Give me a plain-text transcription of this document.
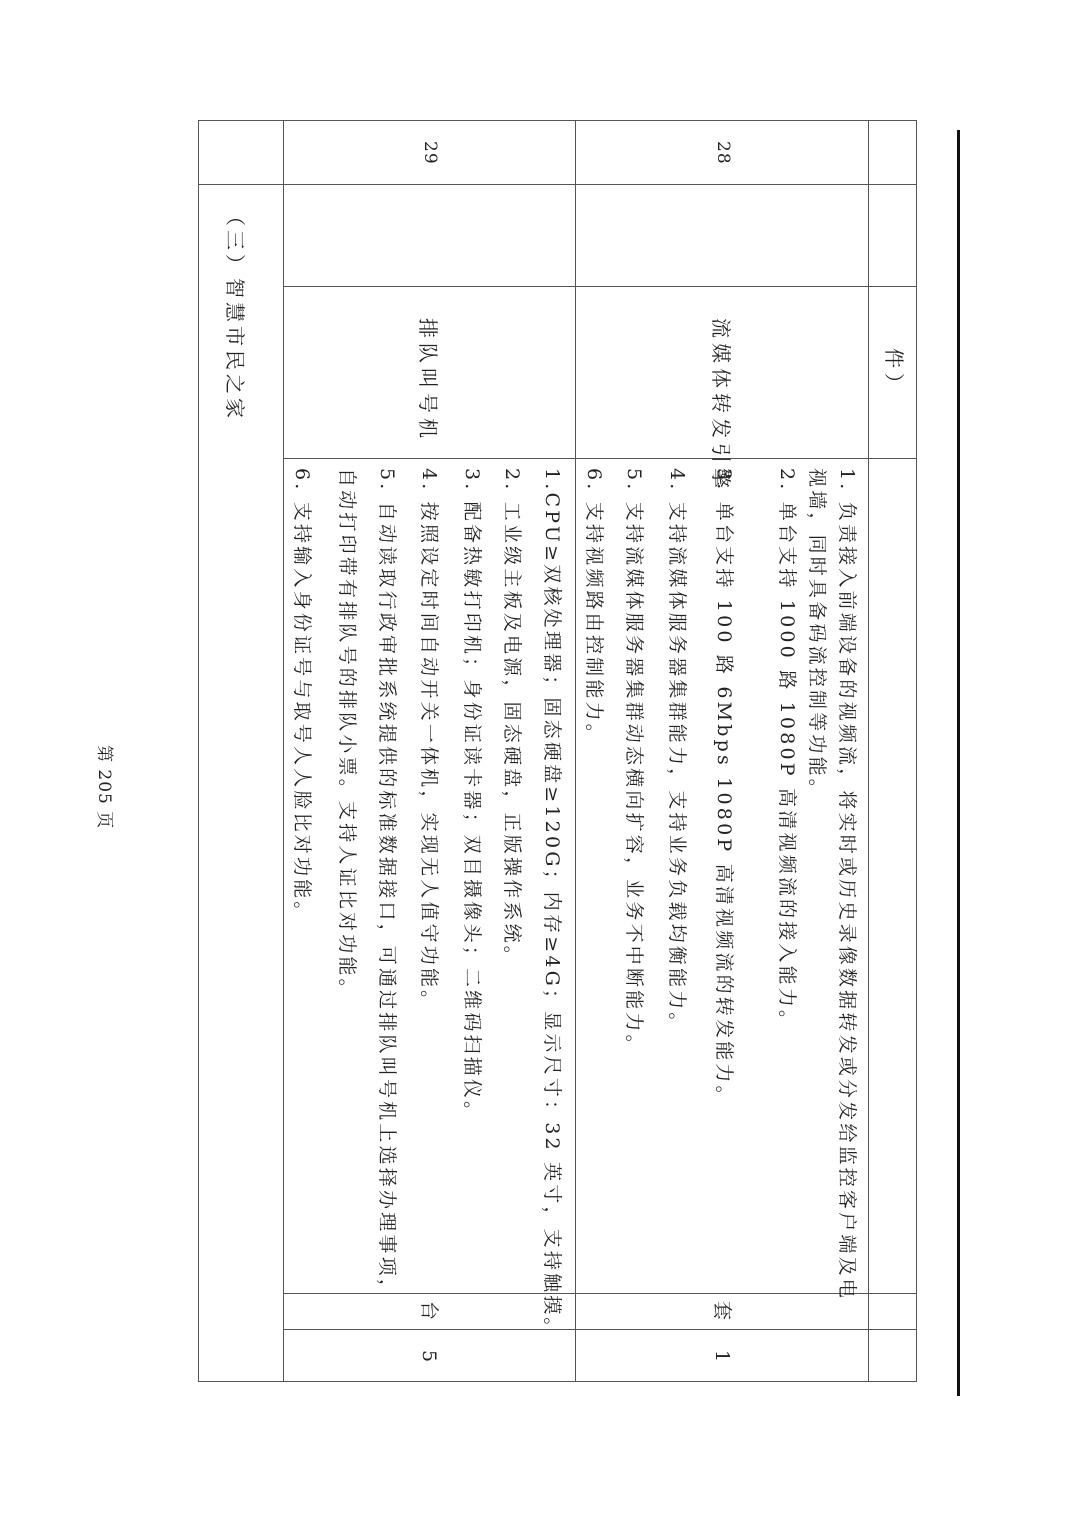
件）
28
流媒体转发引擎
1. 负责接入前端设备的视频流，将实时或历史录像数据转发或分发给监控客户端及电
视墙，同时具备码流控制等功能。
2. 单台支持 1000 路 1080P 高清视频流的接入能力。
3. 单台支持 100 路 6Mbps 1080P 高清视频流的转发能力。
4. 支持流媒体服务器集群能力，支持业务负载均衡能力。
5. 支持流媒体服务器集群动态横向扩容，业务不中断能力。
6. 支持视频路由控制能力。
套
1
29
排队叫号机
1.CPU≥双核处理器；固态硬盘≥120G；内存≥4G；显示尺寸：32 英寸，支持触摸。
2. 工业级主板及电源，固态硬盘，正版操作系统。
3. 配备热敏打印机；身份证读卡器；双目摄像头；二维码扫描仪。
4. 按照设定时间自动开关一体机，实现无人值守功能。
5. 自动读取行政审批系统提供的标准数据接口，可通过排队叫号机上选择办理事项，
自动打印带有排队号的排队小票。支持人证比对功能。
6. 支持输入身份证号与取号人人脸比对功能。
台
5
（三）智慧市民之家
第 205 页
